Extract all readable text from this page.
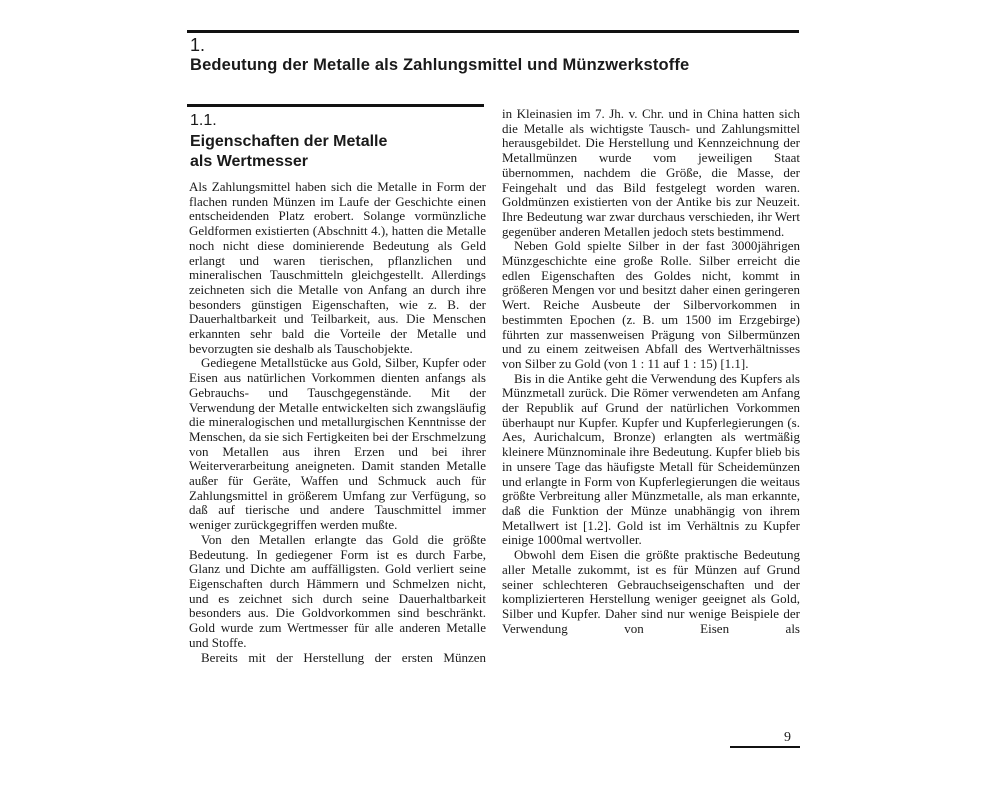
1.
Bedeutung der Metalle als Zahlungsmittel und Münzwerkstoffe
1.1.
Eigenschaften der Metalle
als Wertmesser

Als Zahlungsmittel haben sich die Metalle in Form der flachen runden Münzen im Laufe der Geschichte einen entscheidenden Platz erobert. Solange vormünzliche Geldformen existierten (Abschnitt 4.), hatten die Metalle noch nicht diese dominierende Bedeutung als Geld erlangt und waren tierischen, pflanzlichen und mineralischen Tauschmitteln gleichgestellt. Allerdings zeichneten sich die Metalle von Anfang an durch ihre besonders günstigen Eigenschaften, wie z. B. der Dauerhaltbarkeit und Teilbarkeit, aus. Die Menschen erkannten sehr bald die Vorteile der Metalle und bevorzugten sie deshalb als Tauschobjekte.

Gediegene Metallstücke aus Gold, Silber, Kupfer oder Eisen aus natürlichen Vorkommen dienten anfangs als Gebrauchs- und Tauschgegenstände. Mit der Verwendung der Metalle entwickelten sich zwangsläufig die mineralogischen und metallurgischen Kenntnisse der Menschen, da sie sich Fertigkeiten bei der Erschmelzung von Metallen aus ihren Erzen und bei ihrer Weiterverarbeitung aneigneten. Damit standen Metalle außer für Geräte, Waffen und Schmuck auch für Zahlungsmittel in größerem Umfang zur Verfügung, so daß auf tierische und andere Tauschmittel immer weniger zurückgegriffen werden mußte.

Von den Metallen erlangte das Gold die größte Bedeutung. In gediegener Form ist es durch Farbe, Glanz und Dichte am auffälligsten. Gold verliert seine Eigenschaften durch Hämmern und Schmelzen nicht, und es zeichnet sich durch seine Dauerhaltbarkeit besonders aus. Die Goldvorkommen sind beschränkt. Gold wurde zum Wertmesser für alle anderen Metalle und Stoffe.

Bereits mit der Herstellung der ersten Münzen

in Kleinasien im 7. Jh. v. Chr. und in China hatten sich die Metalle als wichtigste Tausch- und Zahlungsmittel herausgebildet. Die Herstellung und Kennzeichnung der Metallmünzen wurde vom jeweiligen Staat übernommen, nachdem die Größe, die Masse, der Feingehalt und das Bild festgelegt worden waren. Goldmünzen existierten von der Antike bis zur Neuzeit. Ihre Bedeutung war zwar durchaus verschieden, ihr Wert gegenüber anderen Metallen jedoch stets bestimmend.

Neben Gold spielte Silber in der fast 3000jährigen Münzgeschichte eine große Rolle. Silber erreicht die edlen Eigenschaften des Goldes nicht, kommt in größeren Mengen vor und besitzt daher einen geringeren Wert. Reiche Ausbeute der Silbervorkommen in bestimmten Epochen (z. B. um 1500 im Erzgebirge) führten zur massenweisen Prägung von Silbermünzen und zu einem zeitweisen Abfall des Wertverhältnisses von Silber zu Gold (von 1 : 11 auf 1 : 15) [1.1].

Bis in die Antike geht die Verwendung des Kupfers als Münzmetall zurück. Die Römer verwendeten am Anfang der Republik auf Grund der natürlichen Vorkommen überhaupt nur Kupfer. Kupfer und Kupferlegierungen (s. Aes, Aurichalcum, Bronze) erlangten als wertmäßig kleinere Münznominale ihre Bedeutung. Kupfer blieb bis in unsere Tage das häufigste Metall für Scheidemünzen und erlangte in Form von Kupferlegierungen die weitaus größte Verbreitung aller Münzmetalle, als man erkannte, daß die Funktion der Münze unabhängig von ihrem Metallwert ist [1.2]. Gold ist im Verhältnis zu Kupfer einige 1000mal wertvoller.

Obwohl dem Eisen die größte praktische Bedeutung aller Metalle zukommt, ist es für Münzen auf Grund seiner schlechteren Gebrauchseigenschaften und der komplizierteren Herstellung weniger geeignet als Gold, Silber und Kupfer. Daher sind nur wenige Beispiele der Verwendung von Eisen als

9
